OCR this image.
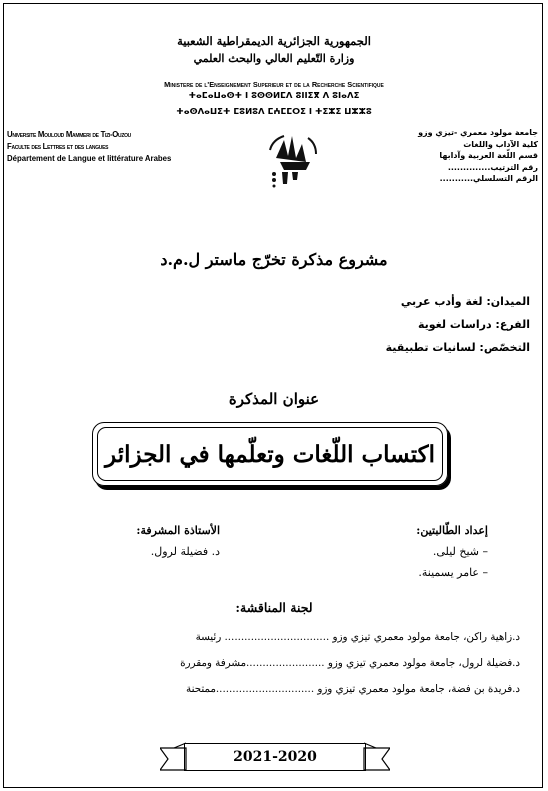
الجمهورية الجزائرية الديمقراطية الشعبية
وزارة التّعليم العالي والبحث العلمي
Ministere de l'Enseignement Superieur et de la Recherche Scientifique
ⵜⴰⵎⴰⵡⴰⵙⵜ ⵏ ⵓⵙⵙⵍⵎⴷ ⵓⵏⵏⵉⴳ ⴷ ⵓⵏⴰⴷⵉ
ⵜⴰⵙⴷⴰⵡⵉⵜ ⵎⵓⵍⵓⴷ ⵎⵄⵎⵎⵔⵉ ⵏ ⵜⵉⵣⵉ ⵡⵣⵣⵓ
Universite Mouloud Mammeri de Tizi-Ouzou
Faculte des Lettres et des langues
Département de Langue et littérature Arabes
جامعة مولود معمري -تيزي وزو
كلية الآداب واللغات
قسم اللّغة العربية وآدابها
رقم الترتيب..............
الرقم التسلسلي...........
مشروع مذكرة تخرّج ماستر ل.م.د
الميدان: لغة وأدب عربي
الفرع: دراسات لغوية
التخصّص: لسانيات تطبيقية
عنوان المذكرة
اكتساب اللّغات وتعلّمها في الجزائر
إعداد الطّالبتين:
– شيخ ليلى.
– عامر يسمينة.
الأستاذة المشرفة:
د. فضيلة لرول.
لجنة المناقشة:
د.زاهية راكن، جامعة مولود معمري تيزي وزو ................................ رئيسة
د.فضيلة لرول، جامعة مولود معمري تيزي وزو ........................مشرفة ومقررة
د.فريدة بن فضة، جامعة مولود معمري تيزي وزو ..............................ممتحنة
2021-2020
